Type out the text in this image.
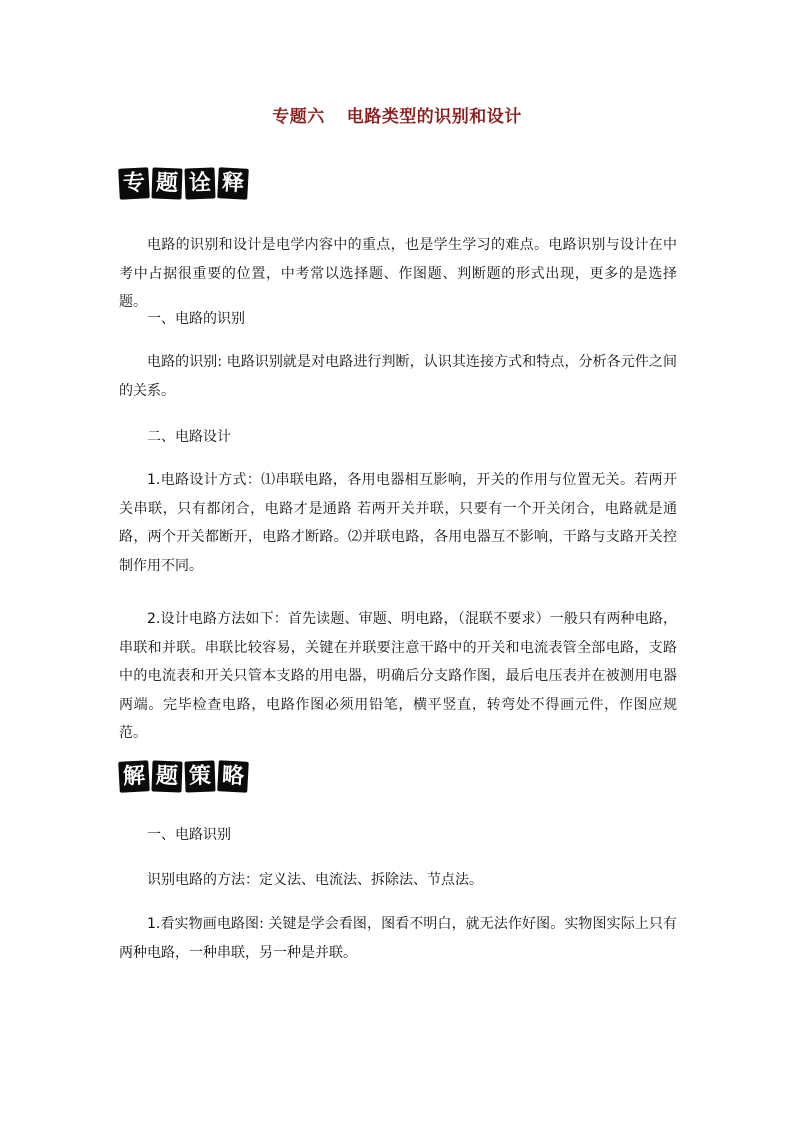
专题六 电路类型的识别和设计
专 题 诠 释

电路的识别和设计是电学内容中的重点，也是学生学习的难点。电路识别与设计在中考中占据很重要的位置，中考常以选择题、作图题、判断题的形式出现，更多的是选择题。

一、电路的识别

电路的识别: 电路识别就是对电路进行判断，认识其连接方式和特点，分析各元件之间的关系。

二、电路设计

1.电路设计方式：⑴串联电路，各用电器相互影响，开关的作用与位置无关。若两开关串联，只有都闭合，电路才是通路 若两开关并联，只要有一个开关闭合，电路就是通路，两个开关都断开，电路才断路。⑵并联电路，各用电器互不影响，干路与支路开关控制作用不同。

2.设计电路方法如下：首先读题、审题、明电路，（混联不要求）一般只有两种电路，串联和并联。串联比较容易，关键在并联要注意干路中的开关和电流表管全部电路，支路中的电流表和开关只管本支路的用电器，明确后分支路作图，最后电压表并在被测用电器两端。完毕检查电路，电路作图必须用铅笔，横平竖直，转弯处不得画元件，作图应规范。

解 题 策 略
一、电路识别

识别电路的方法：定义法、电流法、拆除法、节点法。

1.看实物画电路图: 关键是学会看图，图看不明白，就无法作好图。实物图实际上只有两种电路，一种串联，另一种是并联。
